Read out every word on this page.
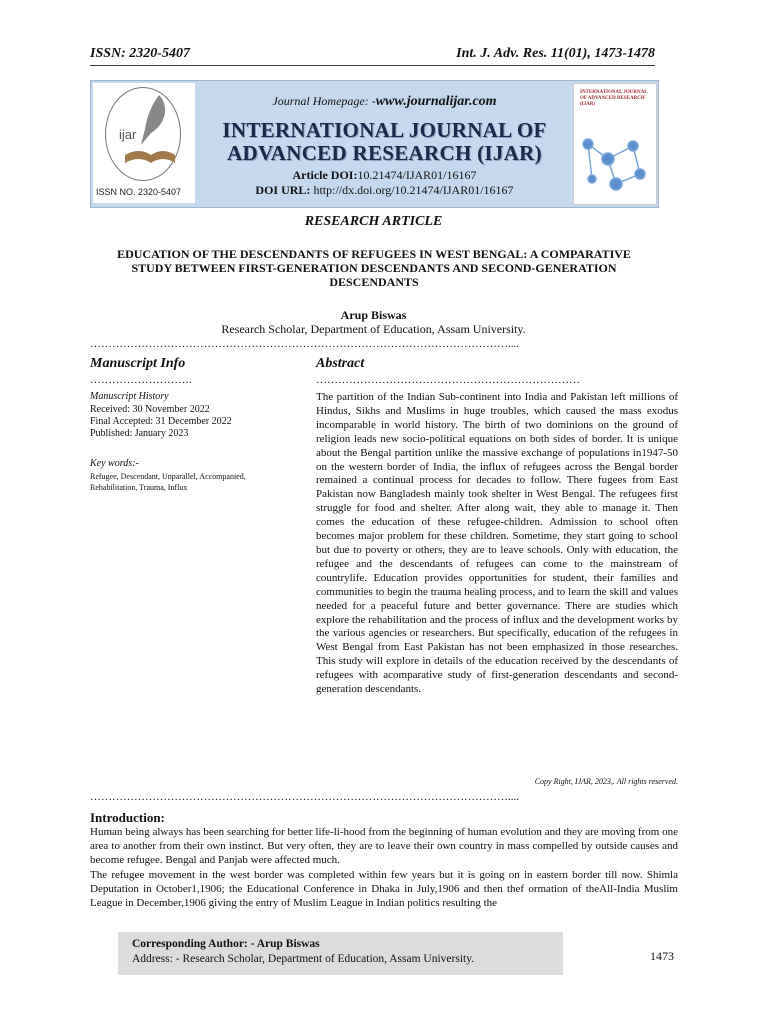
ISSN: 2320-5407	Int. J. Adv. Res. 11(01), 1473-1478
ijar
ISSN NO. 2320-5407
Journal Homepage: -www.journalijar.com
INTERNATIONAL JOURNAL OF
ADVANCED RESEARCH (IJAR)
Article DOI:10.21474/IJAR01/16167
DOI URL: http://dx.doi.org/10.21474/IJAR01/16167
INTERNATIONAL JOURNAL OF ADVANCED RESEARCH (IJAR)
RESEARCH ARTICLE
EDUCATION OF THE DESCENDANTS OF REFUGEES IN WEST BENGAL: A COMPARATIVE STUDY BETWEEN FIRST-GENERATION DESCENDANTS AND SECOND-GENERATION DESCENDANTS
Arup Biswas
Research Scholar, Department of Education, Assam University.
……………………………………………………………………………………………………....
Manuscript Info
……………………….
Manuscript History
Received: 30 November 2022
Final Accepted: 31 December 2022
Published: January 2023
Key words:-
Refugee, Descendant, Unparallel, Accompanied, Rehabilitation, Trauma, Influx
Abstract
………………………………………………………………
The partition of the Indian Sub-continent into India and Pakistan left millions of Hindus, Sikhs and Muslims in huge troubles, which caused the mass exodus incomparable in world history. The birth of two dominions on the ground of religion leads new socio-political equations on both sides of border. It is unique about the Bengal partition unlike the massive exchange of populations in1947-50 on the western border of India, the influx of refugees across the Bengal border remained a continual process for decades to follow. There fugees from East Pakistan now Bangladesh mainly took shelter in West Bengal. The refugees first struggle for food and shelter. After along wait, they able to manage it. Then comes the education of these refugee-children. Admission to school often becomes major problem for these children. Sometime, they start going to school but due to poverty or others, they are to leave schools. Only with education, the refugee and the descendants of refugees can come to the mainstream of countrylife. Education provides opportunities for student, their families and communities to begin the trauma healing process, and to learn the skill and values needed for a peaceful future and better governance. There are studies which explore the rehabilitation and the process of influx and the development works by the various agencies or researchers. But specifically, education of the refugees in West Bengal from East Pakistan has not been emphasized in those researches. This study will explore in details of the education received by the descendants of refugees with acomparative study of first-generation descendants and second-generation descendants.
Copy Right, IJAR, 2023,. All rights reserved.
……………………………………………………………………………………………………....
Introduction:

Human being always has been searching for better life-li-hood from the beginning of human evolution and they are moving from one area to another from their own instinct. But very often, they are to leave their own country in mass compelled by outside causes and become refugee. Bengal and Panjab were affected much.

The refugee movement in the west border was completed within few years but it is going on in eastern border till now. Shimla Deputation in October1,1906; the Educational Conference in Dhaka in July,1906 and then thef ormation of theAll-India Muslim League in December,1906 giving the entry of Muslim League in Indian politics resulting the

Corresponding Author: - Arup Biswas
Address: - Research Scholar, Department of Education, Assam University.	1473
